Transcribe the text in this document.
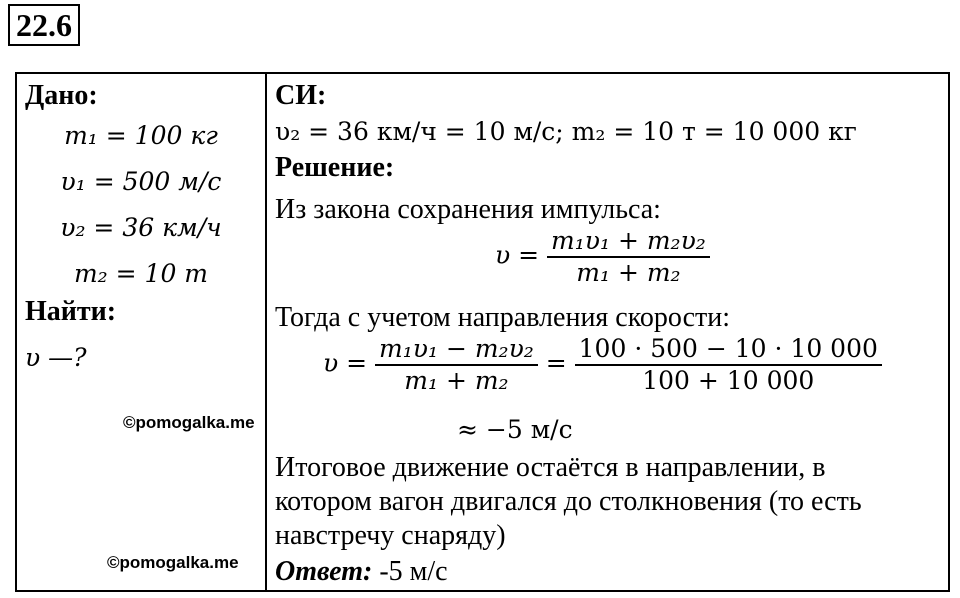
22.6
Дано:
m₁ = 100 кг
υ₁ = 500 м/с
υ₂ = 36 км/ч
m₂ = 10 т
Найти:
υ —?
©pomogalka.me
©pomogalka.me
СИ:
υ₂ = 36 км/ч = 10 м/с; m₂ = 10 т = 10 000 кг
Решение:
Из закона сохранения импульса:
$\upsilon = \frac{\text{m₁υ₁ + m₂υ₂}}{\text{m₁ + m₂}}$
Тогда с учетом направления скорости:
$\upsilon = \frac{\text{m₁υ₁ − m₂υ₂}}{\text{m₁ + m₂}} = \frac{100 \cdot 500 - 10 \cdot 10 000}{100 + 10 000}$
≈ −5 м/с
Итоговое движение остаётся в направлении, в
котором вагон двигался до столкновения (то есть
навстречу снаряду)
Ответ: -5 м/с
